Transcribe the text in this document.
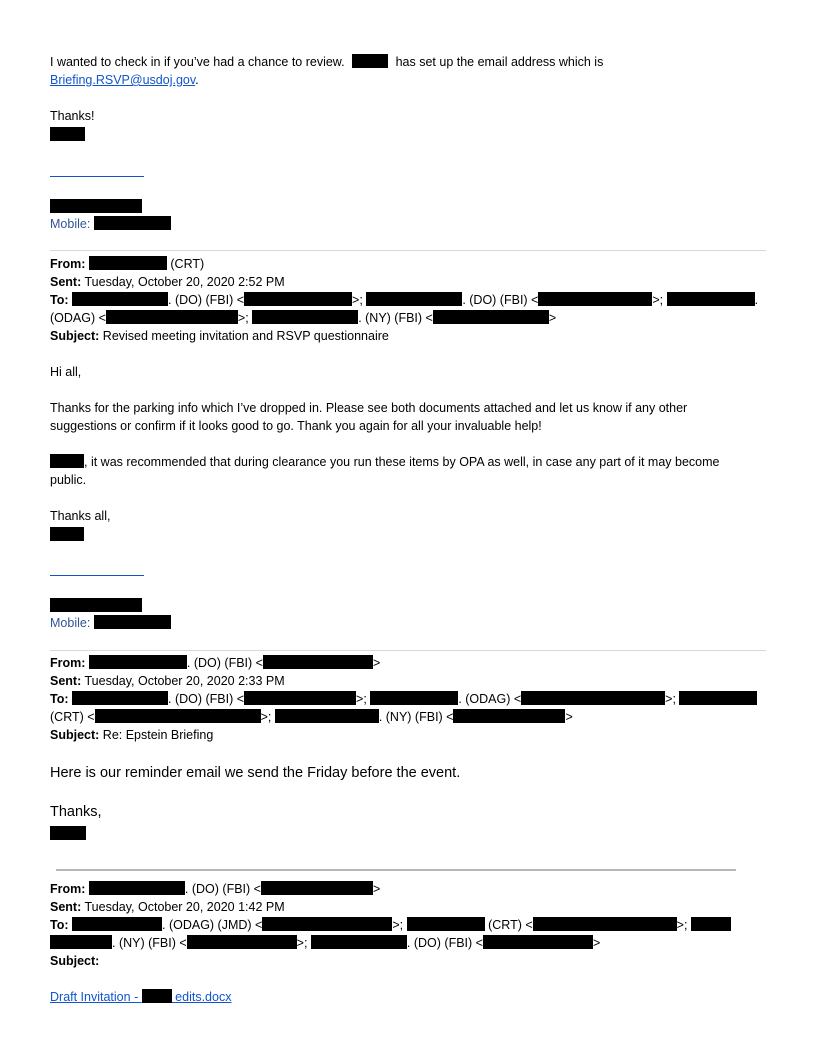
I wanted to check in if you’ve had a chance to review.	has set up the email address which is
Briefing.RSVP@usdoj.gov.
Thanks!
Mobile:
From:	(CRT)
Sent: Tuesday, October 20, 2020 2:52 PM
To:	. (DO) (FBI) <	>;	. (DO) (FBI) <	>;	.
(ODAG) <	>;	. (NY) (FBI) <	>
Subject: Revised meeting invitation and RSVP questionnaire
Hi all,
Thanks for the parking info which I’ve dropped in. Please see both documents attached and let us know if any other
suggestions or confirm if it looks good to go. Thank you again for all your invaluable help!
, it was recommended that during clearance you run these items by OPA as well, in case any part of it may become
public.
Thanks all,
Mobile:
From:	. (DO) (FBI) <	>
Sent: Tuesday, October 20, 2020 2:33 PM
To:	. (DO) (FBI) <	>;	. (ODAG) <	>;
(CRT) <	>;	. (NY) (FBI) <	>
Subject: Re: Epstein Briefing
Here is our reminder email we send the Friday before the event.
Thanks,
From:	. (DO) (FBI) <	>
Sent: Tuesday, October 20, 2020 1:42 PM
To:	. (ODAG) (JMD) <	>;	(CRT) <	>;
. (NY) (FBI) <	>;	. (DO) (FBI) <	>
Subject:
Draft Invitation -  edits.docx
